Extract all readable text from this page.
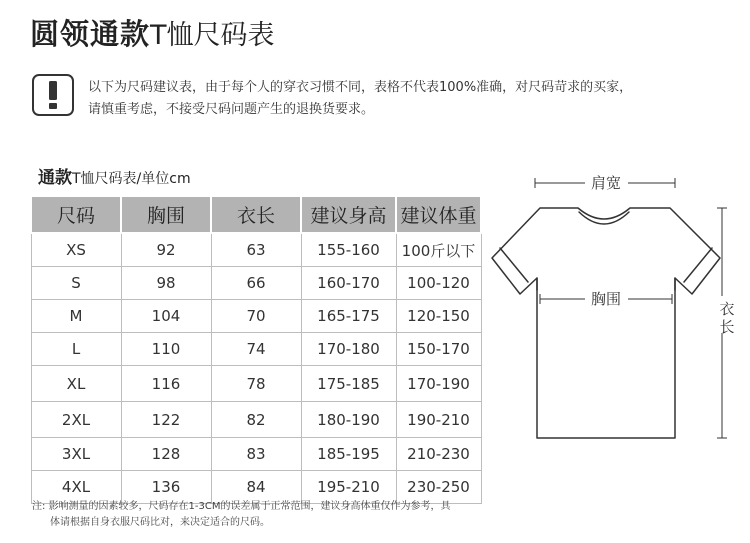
圆领通款T恤尺码表
以下为尺码建议表，由于每个人的穿衣习惯不同，表格不代表100%准确，对尺码苛求的买家，
请慎重考虑，不接受尺码问题产生的退换货要求。
通款T恤尺码表/单位cm
尺码	胸围	衣长	建议身高	建议体重
XS	92	63	155-160	100斤以下
S	98	66	160-170	100-120
M	104	70	165-175	120-150
L	110	74	170-180	150-170
XL	116	78	175-185	170-190
2XL	122	82	180-190	190-210
3XL	128	83	185-195	210-230
4XL	136	84	195-210	230-250
注: 影响测量的因素较多，尺码存在1-3CM的误差属于正常范围，建议身高体重仅作为参考，具
体请根据自身衣服尺码比对，来决定适合的尺码。
肩宽
胸围
衣长
